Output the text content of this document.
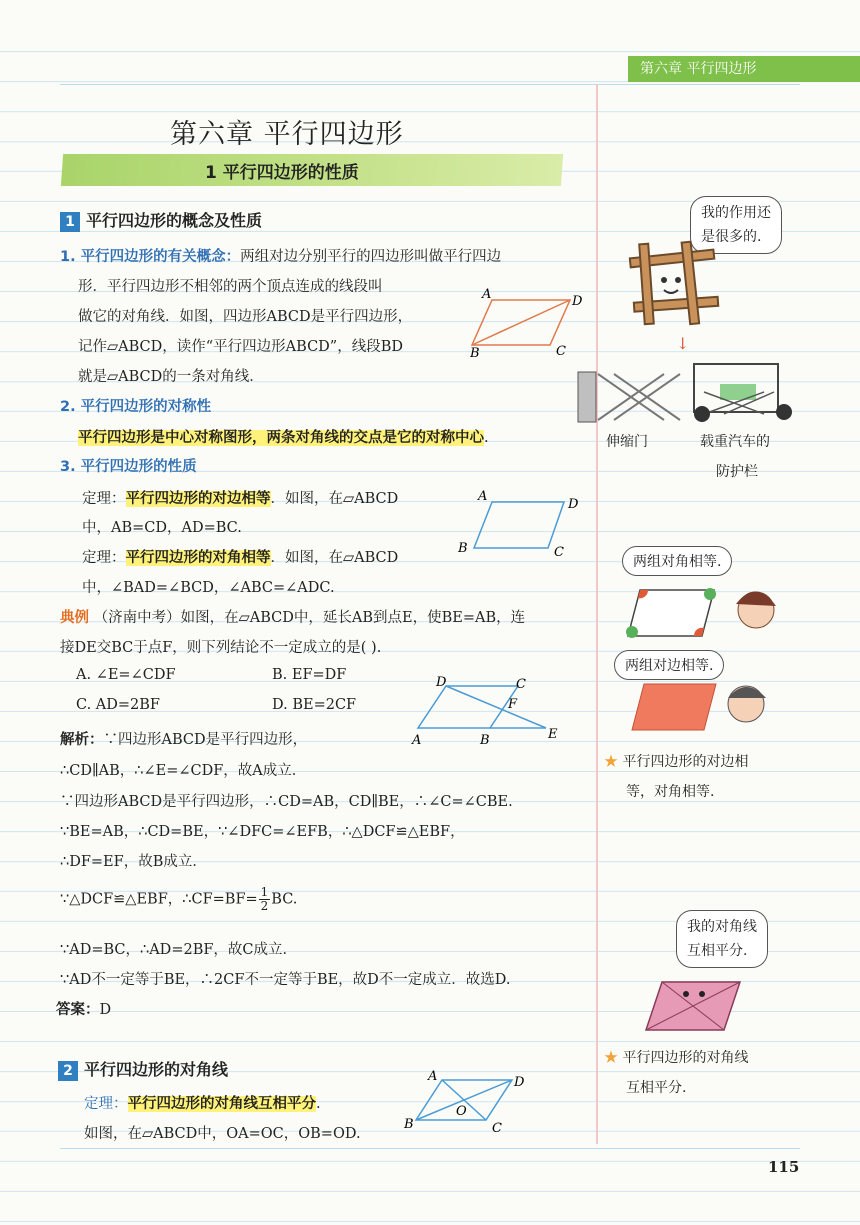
第六章 平行四边形
第六章 平行四边形
1 平行四边形的性质
1 平行四边形的概念及性质
1. 平行四边形的有关概念：两组对边分别平行的四边形叫做平行四边
形．平行四边形不相邻的两个顶点连成的线段叫
做它的对角线．如图，四边形ABCD是平行四边形，
记作▱ABCD，读作“平行四边形ABCD”，线段BD
就是▱ABCD的一条对角线．
A	D
B	C
2. 平行四边形的对称性
平行四边形是中心对称图形，两条对角线的交点是它的对称中心.
3. 平行四边形的性质
定理：平行四边形的对边相等．如图，在▱ABCD
中，AB=CD，AD=BC.
定理：平行四边形的对角相等．如图，在▱ABCD
中，∠BAD=∠BCD，∠ABC=∠ADC.
A
D
B	C
典例 （济南中考）如图，在▱ABCD中，延长AB到点E，使BE=AB，连
接DE交BC于点F，则下列结论不一定成立的是( ).
A. ∠E=∠CDF	B. EF=DF
C. AD=2BF	D. BE=2CF
D	C
F
A	B	E
解析：∵四边形ABCD是平行四边形，
∴CD∥AB，∴∠E=∠CDF，故A成立．
∵四边形ABCD是平行四边形，∴CD=AB，CD∥BE，∴∠C=∠CBE.
∵BE=AB，∴CD=BE，∵∠DFC=∠EFB，∴△DCF≌△EBF，
∴DF=EF，故B成立．
∵△DCF≌△EBF，∴CF=BF= $\frac{1}{2}$ BC.
∵AD=BC，∴AD=2BF，故C成立．
∵AD不一定等于BE，∴2CF不一定等于BE，故D不一定成立．故选D.
答案：D
2 平行四边形的对角线
定理：平行四边形的对角线互相平分.
如图，在▱ABCD中，OA=OC，OB=OD.
A	D
O
B	C
115
我的作用还
是很多的.
↓
伸缩门	载重汽车的
防护栏
两组对角相等.
两组对边相等.
★ 平行四边形的对边相
等，对角相等.
我的对角线
互相平分.
★ 平行四边形的对角线
互相平分.
